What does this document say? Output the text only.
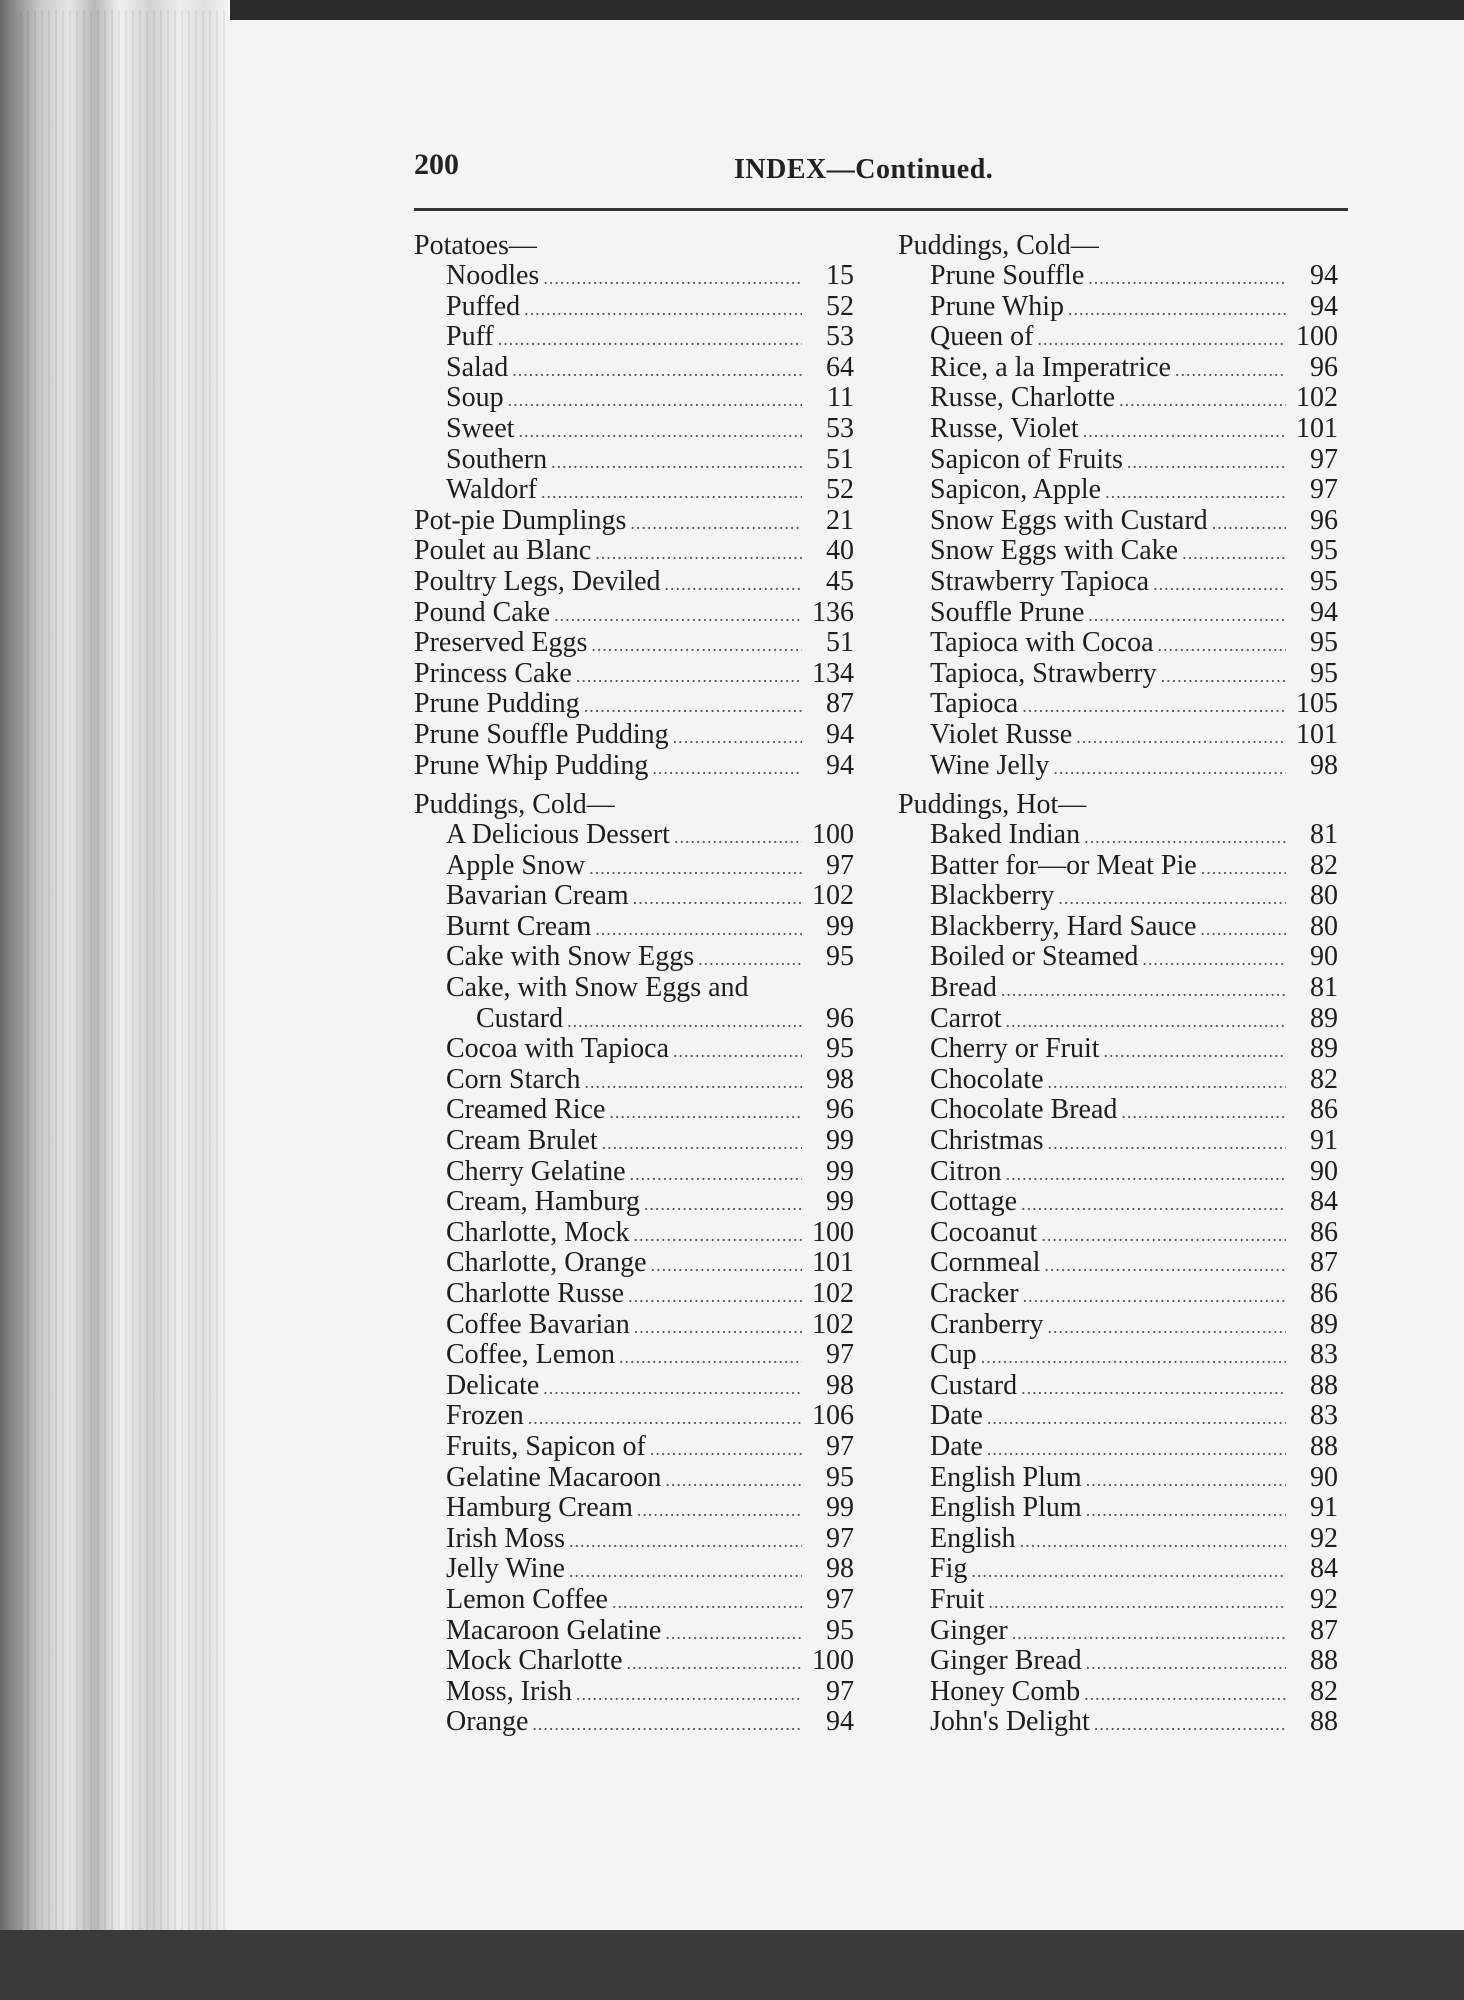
200	INDEX—Continued.
Potatoes—
Noodles .....	15
Puffed .....	52
Puff .....	53
Salad .....	64
Soup .....	11
Sweet .....	53
Southern .....	51
Waldorf .....	52
Pot-pie Dumplings .....	21
Poulet au Blanc .....	40
Poultry Legs, Deviled .....	45
Pound Cake .....	136
Preserved Eggs .....	51
Princess Cake .....	134
Prune Pudding .....	87
Prune Souffle Pudding .....	94
Prune Whip Pudding .....	94
Puddings, Cold—
A Delicious Dessert .....	100
Apple Snow .....	97
Bavarian Cream .....	102
Burnt Cream .....	99
Cake with Snow Eggs .....	95
Cake, with Snow Eggs and
Custard .....	96
Cocoa with Tapioca .....	95
Corn Starch .....	98
Creamed Rice .....	96
Cream Brulet .....	99
Cherry Gelatine .....	99
Cream, Hamburg .....	99
Charlotte, Mock .....	100
Charlotte, Orange .....	101
Charlotte Russe .....	102
Coffee Bavarian .....	102
Coffee, Lemon .....	97
Delicate .....	98
Frozen .....	106
Fruits, Sapicon of .....	97
Gelatine Macaroon .....	95
Hamburg Cream .....	99
Irish Moss .....	97
Jelly Wine .....	98
Lemon Coffee .....	97
Macaroon Gelatine .....	95
Mock Charlotte .....	100
Moss, Irish .....	97
Orange .....	94
Puddings, Cold—
Prune Souffle .....	94
Prune Whip .....	94
Queen of .....	100
Rice, a la Imperatrice .....	96
Russe, Charlotte .....	102
Russe, Violet .....	101
Sapicon of Fruits .....	97
Sapicon, Apple .....	97
Snow Eggs with Custard .....	96
Snow Eggs with Cake .....	95
Strawberry Tapioca .....	95
Souffle Prune .....	94
Tapioca with Cocoa .....	95
Tapioca, Strawberry .....	95
Tapioca .....	105
Violet Russe .....	101
Wine Jelly .....	98
Puddings, Hot—
Baked Indian .....	81
Batter for—or Meat Pie .....	82
Blackberry .....	80
Blackberry, Hard Sauce .....	80
Boiled or Steamed .....	90
Bread .....	81
Carrot .....	89
Cherry or Fruit .....	89
Chocolate .....	82
Chocolate Bread .....	86
Christmas .....	91
Citron .....	90
Cottage .....	84
Cocoanut .....	86
Cornmeal .....	87
Cracker .....	86
Cranberry .....	89
Cup .....	83
Custard .....	88
Date .....	83
Date .....	88
English Plum .....	90
English Plum .....	91
English .....	92
Fig .....	84
Fruit .....	92
Ginger .....	87
Ginger Bread .....	88
Honey Comb .....	82
John's Delight .....	88
